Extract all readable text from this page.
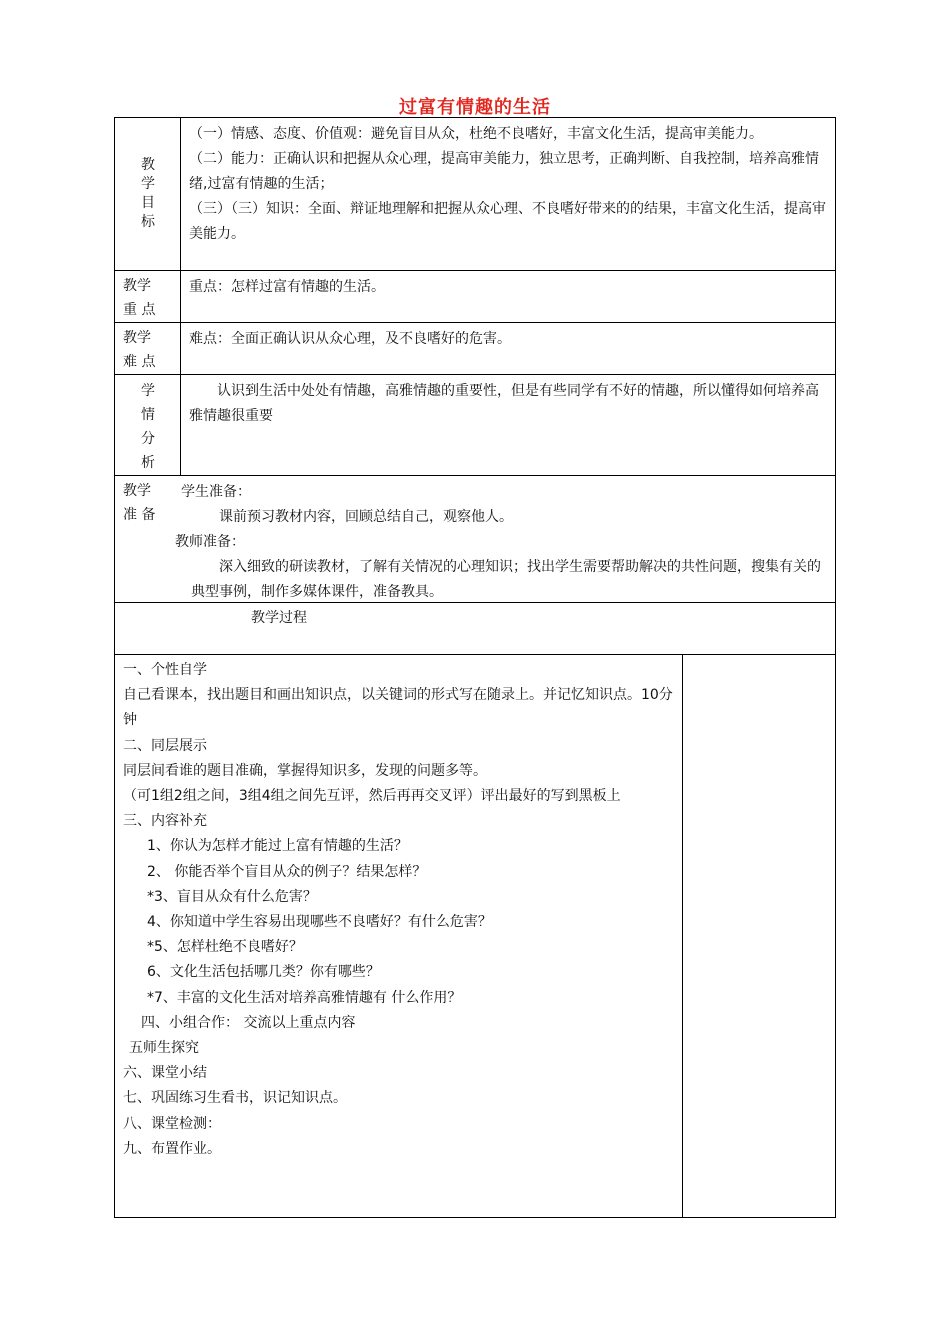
过富有情趣的生活
教
学
目
标

（一）情感、态度、价值观：避免盲目从众，杜绝不良嗜好，丰富文化生活，提高审美能力。

（二）能力：正确认识和把握从众心理，提高审美能力，独立思考，正确判断、自我控制，培养高雅情绪,过富有情趣的生活；

（三）（三）知识：全面、辩证地理解和把握从众心理、不良嗜好带来的的结果，丰富文化生活，提高审美能力。

教学
重 点

重点：怎样过富有情趣的生活。

教学
难 点

难点：全面正确认识从众心理，及不良嗜好的危害。

学
情
分
析

认识到生活中处处有情趣，高雅情趣的重要性，但是有些同学有不好的情趣，所以懂得如何培养高雅情趣很重要

教学
准 备

学生准备：

课前预习教材内容，回顾总结自己，观察他人。

教师准备：

深入细致的研读教材，了解有关情况的心理知识；找出学生需要帮助解决的共性问题，搜集有关的典型事例，制作多媒体课件，准备教具。

教学过程

一、个性自学

自己看课本，找出题目和画出知识点，以关键词的形式写在随录上。并记忆知识点。10分钟

二、同层展示

同层间看谁的题目准确，掌握得知识多，发现的问题多等。

（可1组2组之间，3组4组之间先互评，然后再再交叉评）评出最好的写到黑板上

三、内容补充

1、你认为怎样才能过上富有情趣的生活？

2、 你能否举个盲目从众的例子？结果怎样？

*3、盲目从众有什么危害？

4、你知道中学生容易出现哪些不良嗜好？有什么危害？

*5、怎样杜绝不良嗜好？

6、文化生活包括哪几类？你有哪些？

*7、丰富的文化生活对培养高雅情趣有 什么作用？

四、小组合作： 交流以上重点内容

五师生探究

六、课堂小结

七、巩固练习生看书，识记知识点。

八、课堂检测：

九、布置作业。
